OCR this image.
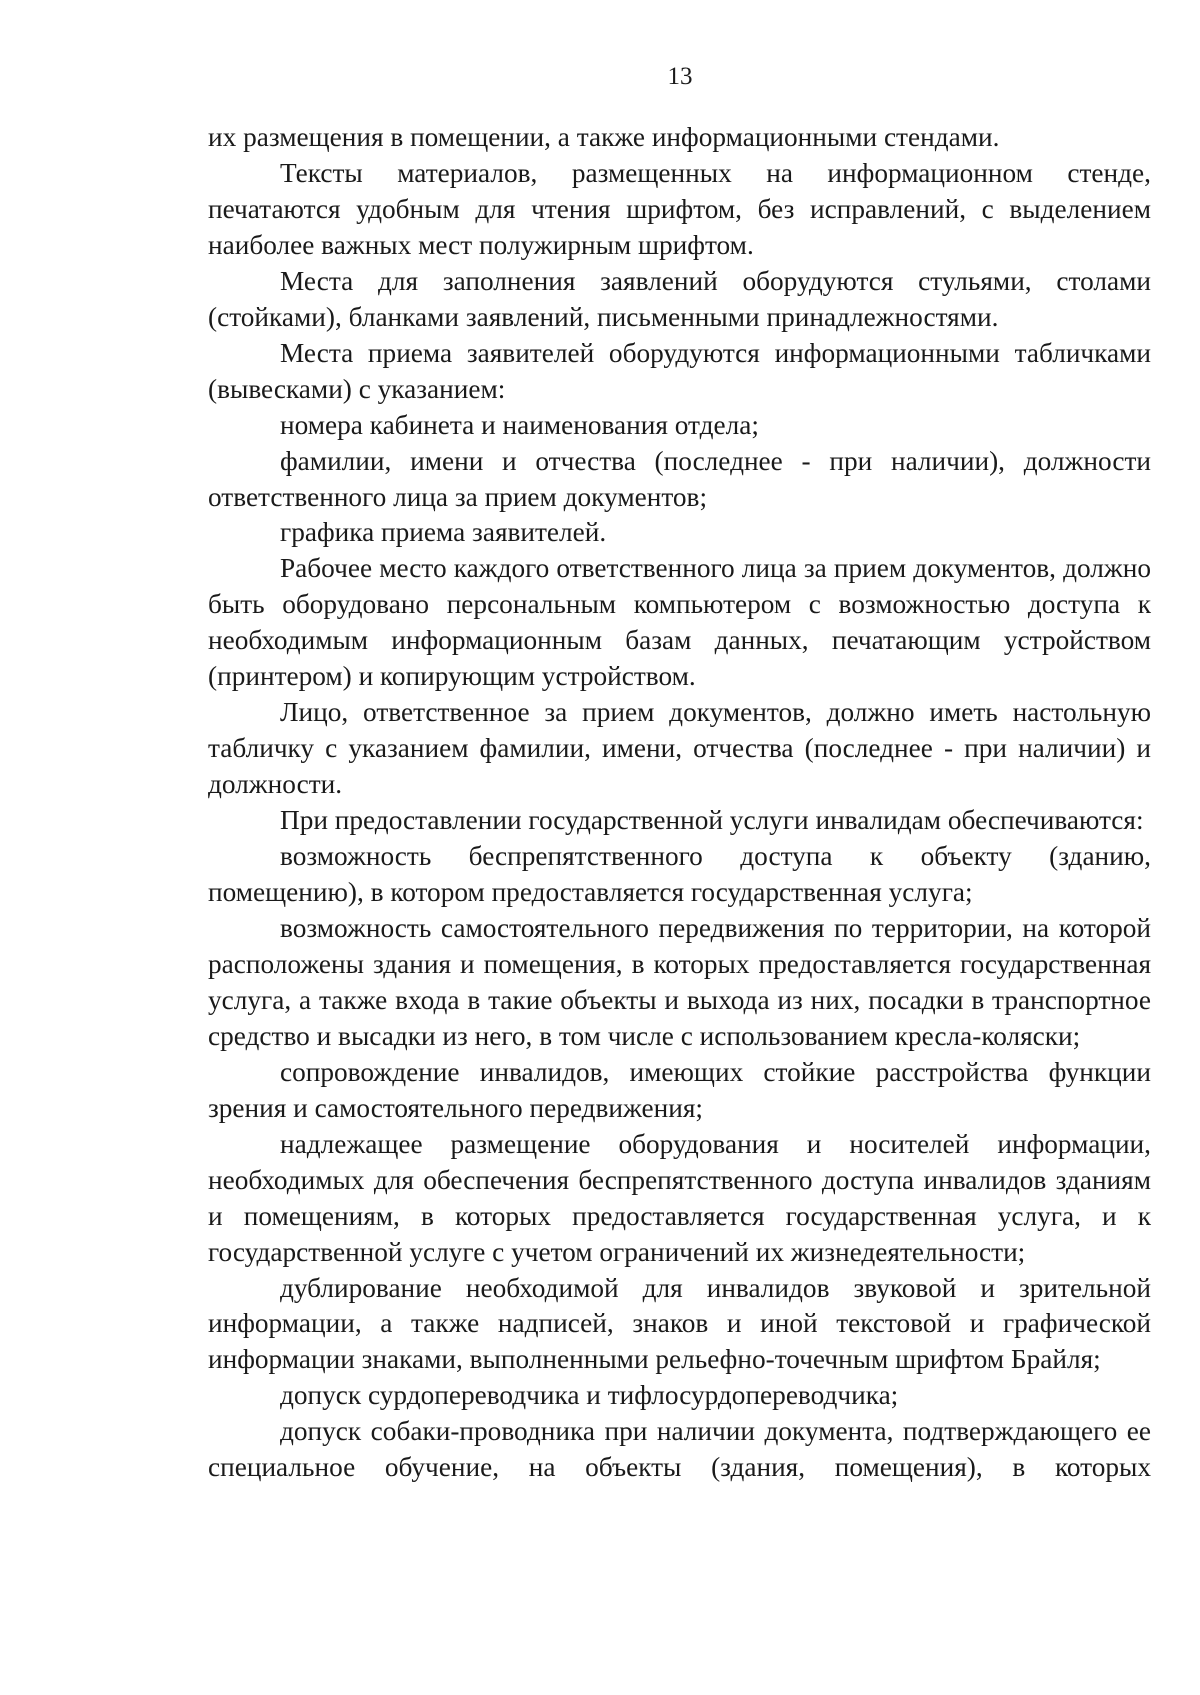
13

их размещения в помещении, а также информационными стендами.

Тексты материалов, размещенных на информационном стенде, печатаются удобным для чтения шрифтом, без исправлений, с выделением наиболее важных мест полужирным шрифтом.

Места для заполнения заявлений оборудуются стульями, столами (стойками), бланками заявлений, письменными принадлежностями.

Места приема заявителей оборудуются информационными табличками (вывесками) с указанием:

номера кабинета и наименования отдела;

фамилии, имени и отчества (последнее - при наличии), должности ответственного лица за прием документов;

графика приема заявителей.

Рабочее место каждого ответственного лица за прием документов, должно быть оборудовано персональным компьютером с возможностью доступа к необходимым информационным базам данных, печатающим устройством (принтером) и копирующим устройством.

Лицо, ответственное за прием документов, должно иметь настольную табличку с указанием фамилии, имени, отчества (последнее - при наличии) и должности.

При предоставлении государственной услуги инвалидам обеспечиваются:

возможность беспрепятственного доступа к объекту (зданию, помещению), в котором предоставляется государственная услуга;

возможность самостоятельного передвижения по территории, на которой расположены здания и помещения, в которых предоставляется государственная услуга, а также входа в такие объекты и выхода из них, посадки в транспортное средство и высадки из него, в том числе с использованием кресла-коляски;

сопровождение инвалидов, имеющих стойкие расстройства функции зрения и самостоятельного передвижения;

надлежащее размещение оборудования и носителей информации, необходимых для обеспечения беспрепятственного доступа инвалидов зданиям и помещениям, в которых предоставляется государственная услуга, и к государственной услуге с учетом ограничений их жизнедеятельности;

дублирование необходимой для инвалидов звуковой и зрительной информации, а также надписей, знаков и иной текстовой и графической информации знаками, выполненными рельефно-точечным шрифтом Брайля;

допуск сурдопереводчика и тифлосурдопереводчика;

допуск собаки-проводника при наличии документа, подтверждающего ее специальное обучение, на объекты (здания, помещения), в которых
